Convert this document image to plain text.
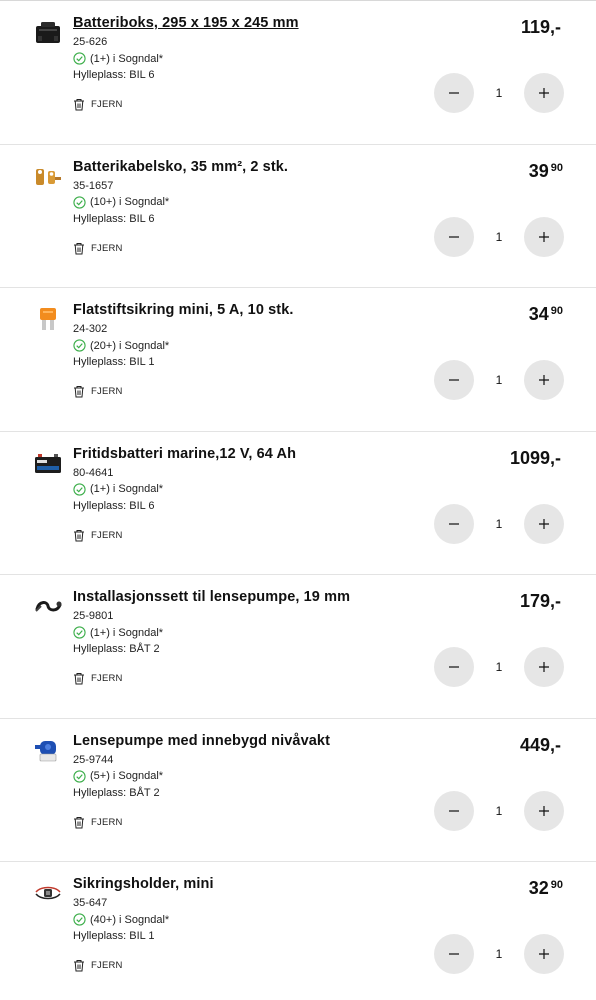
Batteriboks, 295 x 195 x 245 mm
25-626
(1+) i Sogndal*
Hylleplass: BIL 6
FJERN
119,-
1
Batterikabelsko, 35 mm², 2 stk.
35-1657
(10+) i Sogndal*
Hylleplass: BIL 6
FJERN
39 $^{90}$
1
Flatstiftsikring mini, 5 A, 10 stk.
24-302
(20+) i Sogndal*
Hylleplass: BIL 1
FJERN
34 $^{90}$
1
Fritidsbatteri marine,12 V, 64 Ah
80-4641
(1+) i Sogndal*
Hylleplass: BIL 6
FJERN
1099,-
1
Installasjonssett til lensepumpe, 19 mm
25-9801
(1+) i Sogndal*
Hylleplass: BÅT 2
FJERN
179,-
1
Lensepumpe med innebygd nivåvakt
25-9744
(5+) i Sogndal*
Hylleplass: BÅT 2
FJERN
449,-
1
Sikringsholder, mini
35-647
(40+) i Sogndal*
Hylleplass: BIL 1
FJERN
32 $^{90}$
1
